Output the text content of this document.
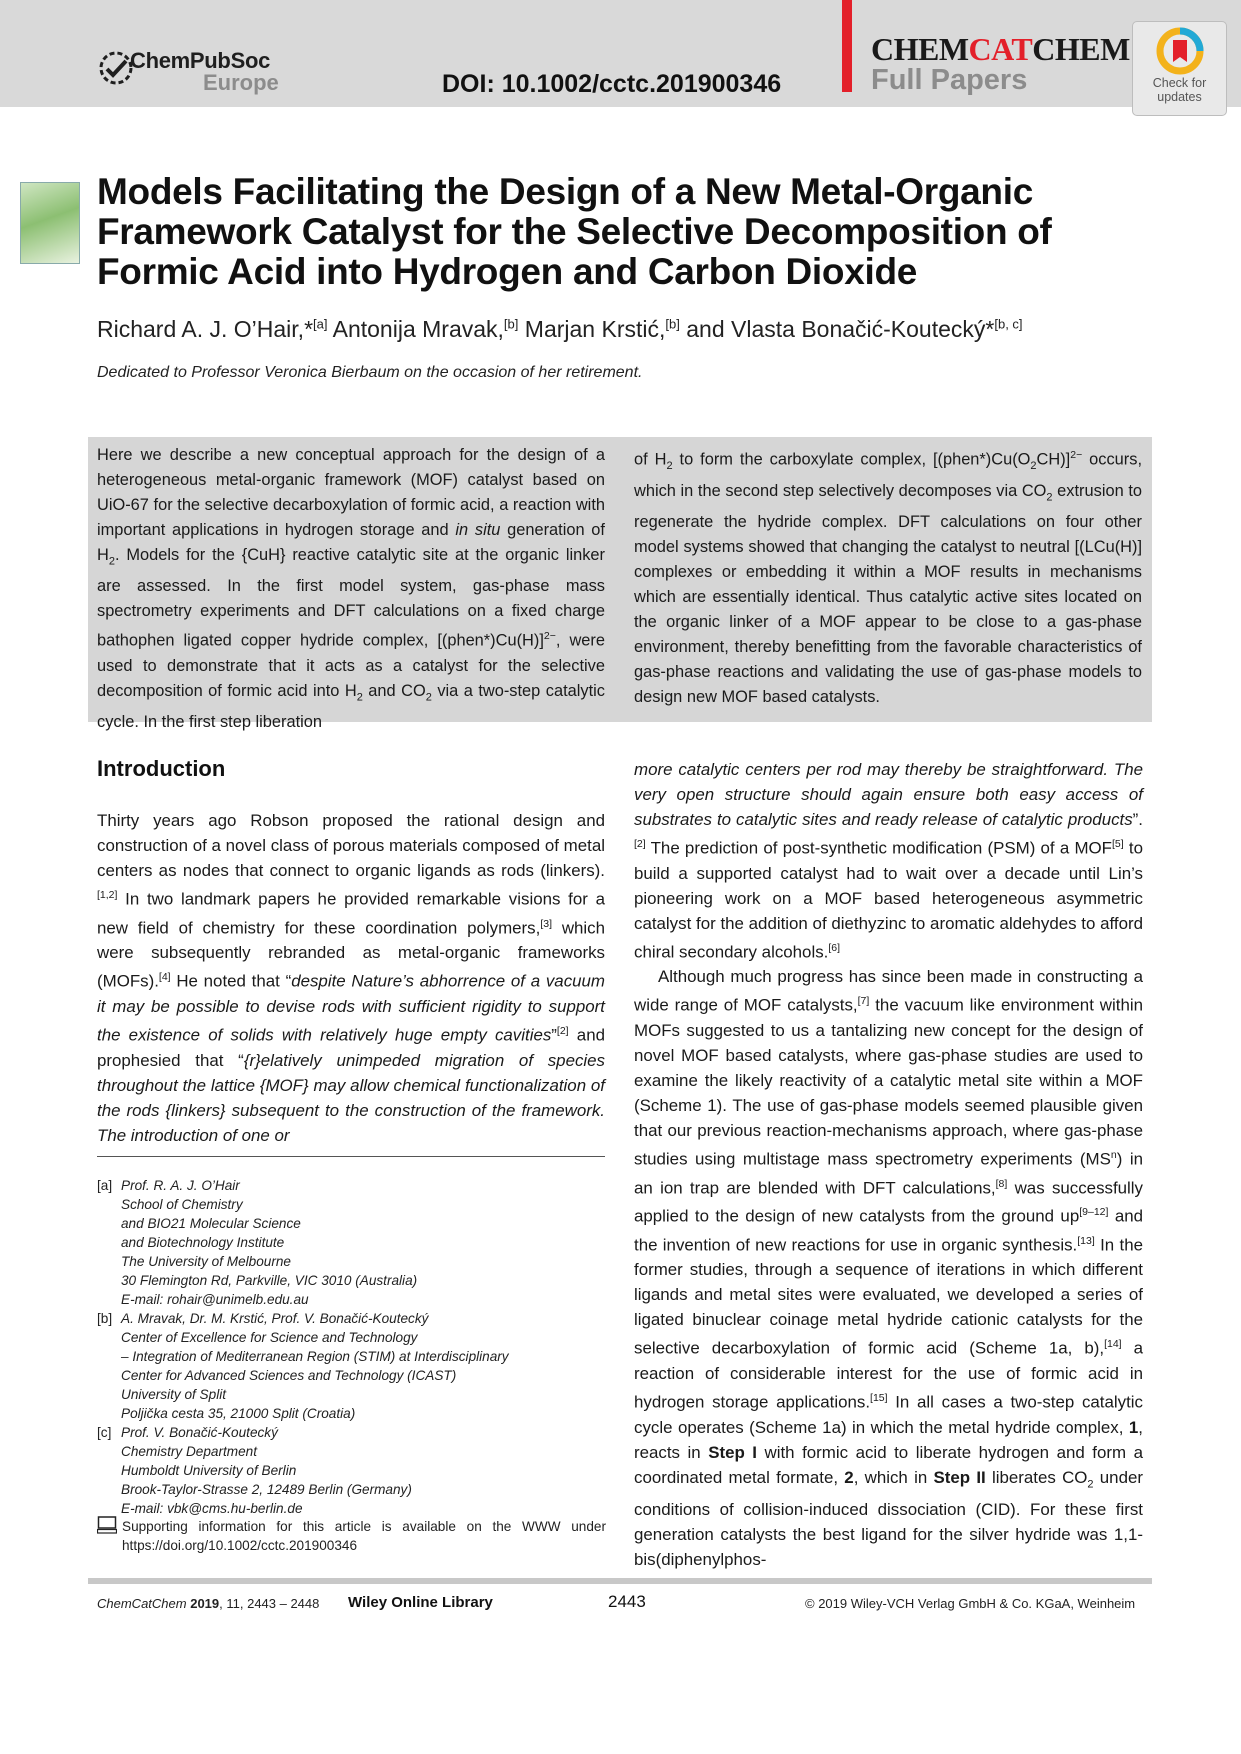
ChemPubSoc
Europe	DOI: 10.1002/cctc.201900346
CHEMCATCHEM
Full Papers	Check for
updates
Models Facilitating the Design of a New Metal-Organic Framework Catalyst for the Selective Decomposition of Formic Acid into Hydrogen and Carbon Dioxide
Richard A. J. O’Hair,*[a] Antonija Mravak,[b] Marjan Krstić,[b] and Vlasta Bonačić-Koutecký*[b, c]
Dedicated to Professor Veronica Bierbaum on the occasion of her retirement.
Here we describe a new conceptual approach for the design of a heterogeneous metal-organic framework (MOF) catalyst based on UiO-67 for the selective decarboxylation of formic acid, a reaction with important applications in hydrogen storage and in situ generation of $H_2$. Models for the {CuH} reactive catalytic site at the organic linker are assessed. In the first model system, gas-phase mass spectrometry experiments and DFT calculations on a fixed charge bathophen ligated copper hydride complex, [(phen*)Cu(H)]$^{2-}$, were used to demonstrate that it acts as a catalyst for the selective decomposition of formic acid into $H_2$ and $CO_2$ via a two-step catalytic cycle. In the first step liberation
of $H_2$ to form the carboxylate complex, $[(phen*)Cu(O_2CH)]^{2-}$ occurs, which in the second step selectively decomposes via $CO_2$ extrusion to regenerate the hydride complex. DFT calculations on four other model systems showed that changing the catalyst to neutral [(LCu(H)] complexes or embedding it within a MOF results in mechanisms which are essentially identical. Thus catalytic active sites located on the organic linker of a MOF appear to be close to a gas-phase environment, thereby benefitting from the favorable characteristics of gas-phase reactions and validating the use of gas-phase models to design new MOF based catalysts.
Introduction
Thirty years ago Robson proposed the rational design and construction of a novel class of porous materials composed of metal centers as nodes that connect to organic ligands as rods (linkers).[1,2] In two landmark papers he provided remarkable visions for a new field of chemistry for these coordination polymers,[3] which were subsequently rebranded as metal-organic frameworks (MOFs).[4] He noted that “despite Nature’s abhorrence of a vacuum it may be possible to devise rods with sufficient rigidity to support the existence of solids with relatively huge empty cavities”[2] and prophesied that “{r}elatively unimpeded migration of species throughout the lattice {MOF} may allow chemical functionalization of the rods {linkers} subsequent to the construction of the framework. The introduction of one or
[a] Prof. R. A. J. O’Hair
School of Chemistry
and BIO21 Molecular Science
and Biotechnology Institute
The University of Melbourne
30 Flemington Rd, Parkville, VIC 3010 (Australia)
E-mail: rohair@unimelb.edu.au
[b] A. Mravak, Dr. M. Krstić, Prof. V. Bonačić-Koutecký
Center of Excellence for Science and Technology
– Integration of Mediterranean Region (STIM) at Interdisciplinary
Center for Advanced Sciences and Technology (ICAST)
University of Split
Poljička cesta 35, 21000 Split (Croatia)
[c] Prof. V. Bonačić-Koutecký
Chemistry Department
Humboldt University of Berlin
Brook-Taylor-Strasse 2, 12489 Berlin (Germany)
E-mail: vbk@cms.hu-berlin.de
Supporting information for this article is available on the WWW under https://doi.org/10.1002/cctc.201900346
more catalytic centers per rod may thereby be straightforward. The very open structure should again ensure both easy access of substrates to catalytic sites and ready release of catalytic products”.[2] The prediction of post-synthetic modification (PSM) of a MOF[5] to build a supported catalyst had to wait over a decade until Lin’s pioneering work on a MOF based heterogeneous asymmetric catalyst for the addition of diethyzinc to aromatic aldehydes to afford chiral secondary alcohols.[6]
Although much progress has since been made in constructing a wide range of MOF catalysts,[7] the vacuum like environment within MOFs suggested to us a tantalizing new concept for the design of novel MOF based catalysts, where gas-phase studies are used to examine the likely reactivity of a catalytic metal site within a MOF (Scheme 1). The use of gas-phase models seemed plausible given that our previous reaction-mechanisms approach, where gas-phase studies using multistage mass spectrometry experiments $(MS^n)$ in an ion trap are blended with DFT calculations,[8] was successfully applied to the design of new catalysts from the ground up[9–12] and the invention of new reactions for use in organic synthesis.[13] In the former studies, through a sequence of iterations in which different ligands and metal sites were evaluated, we developed a series of ligated binuclear coinage metal hydride cationic catalysts for the selective decarboxylation of formic acid (Scheme 1a, b),[14] a reaction of considerable interest for the use of formic acid in hydrogen storage applications.[15] In all cases a two-step catalytic cycle operates (Scheme 1a) in which the metal hydride complex, 1, reacts in Step I with formic acid to liberate hydrogen and form a coordinated metal formate, 2, which in Step II liberates $CO_2$ under conditions of collision-induced dissociation (CID). For these first generation catalysts the best ligand for the silver hydride was 1,1-bis(diphenylphos-
ChemCatChem 2019, 11, 2443 – 2448 Wiley Online Library	2443	© 2019 Wiley-VCH Verlag GmbH & Co. KGaA, Weinheim
